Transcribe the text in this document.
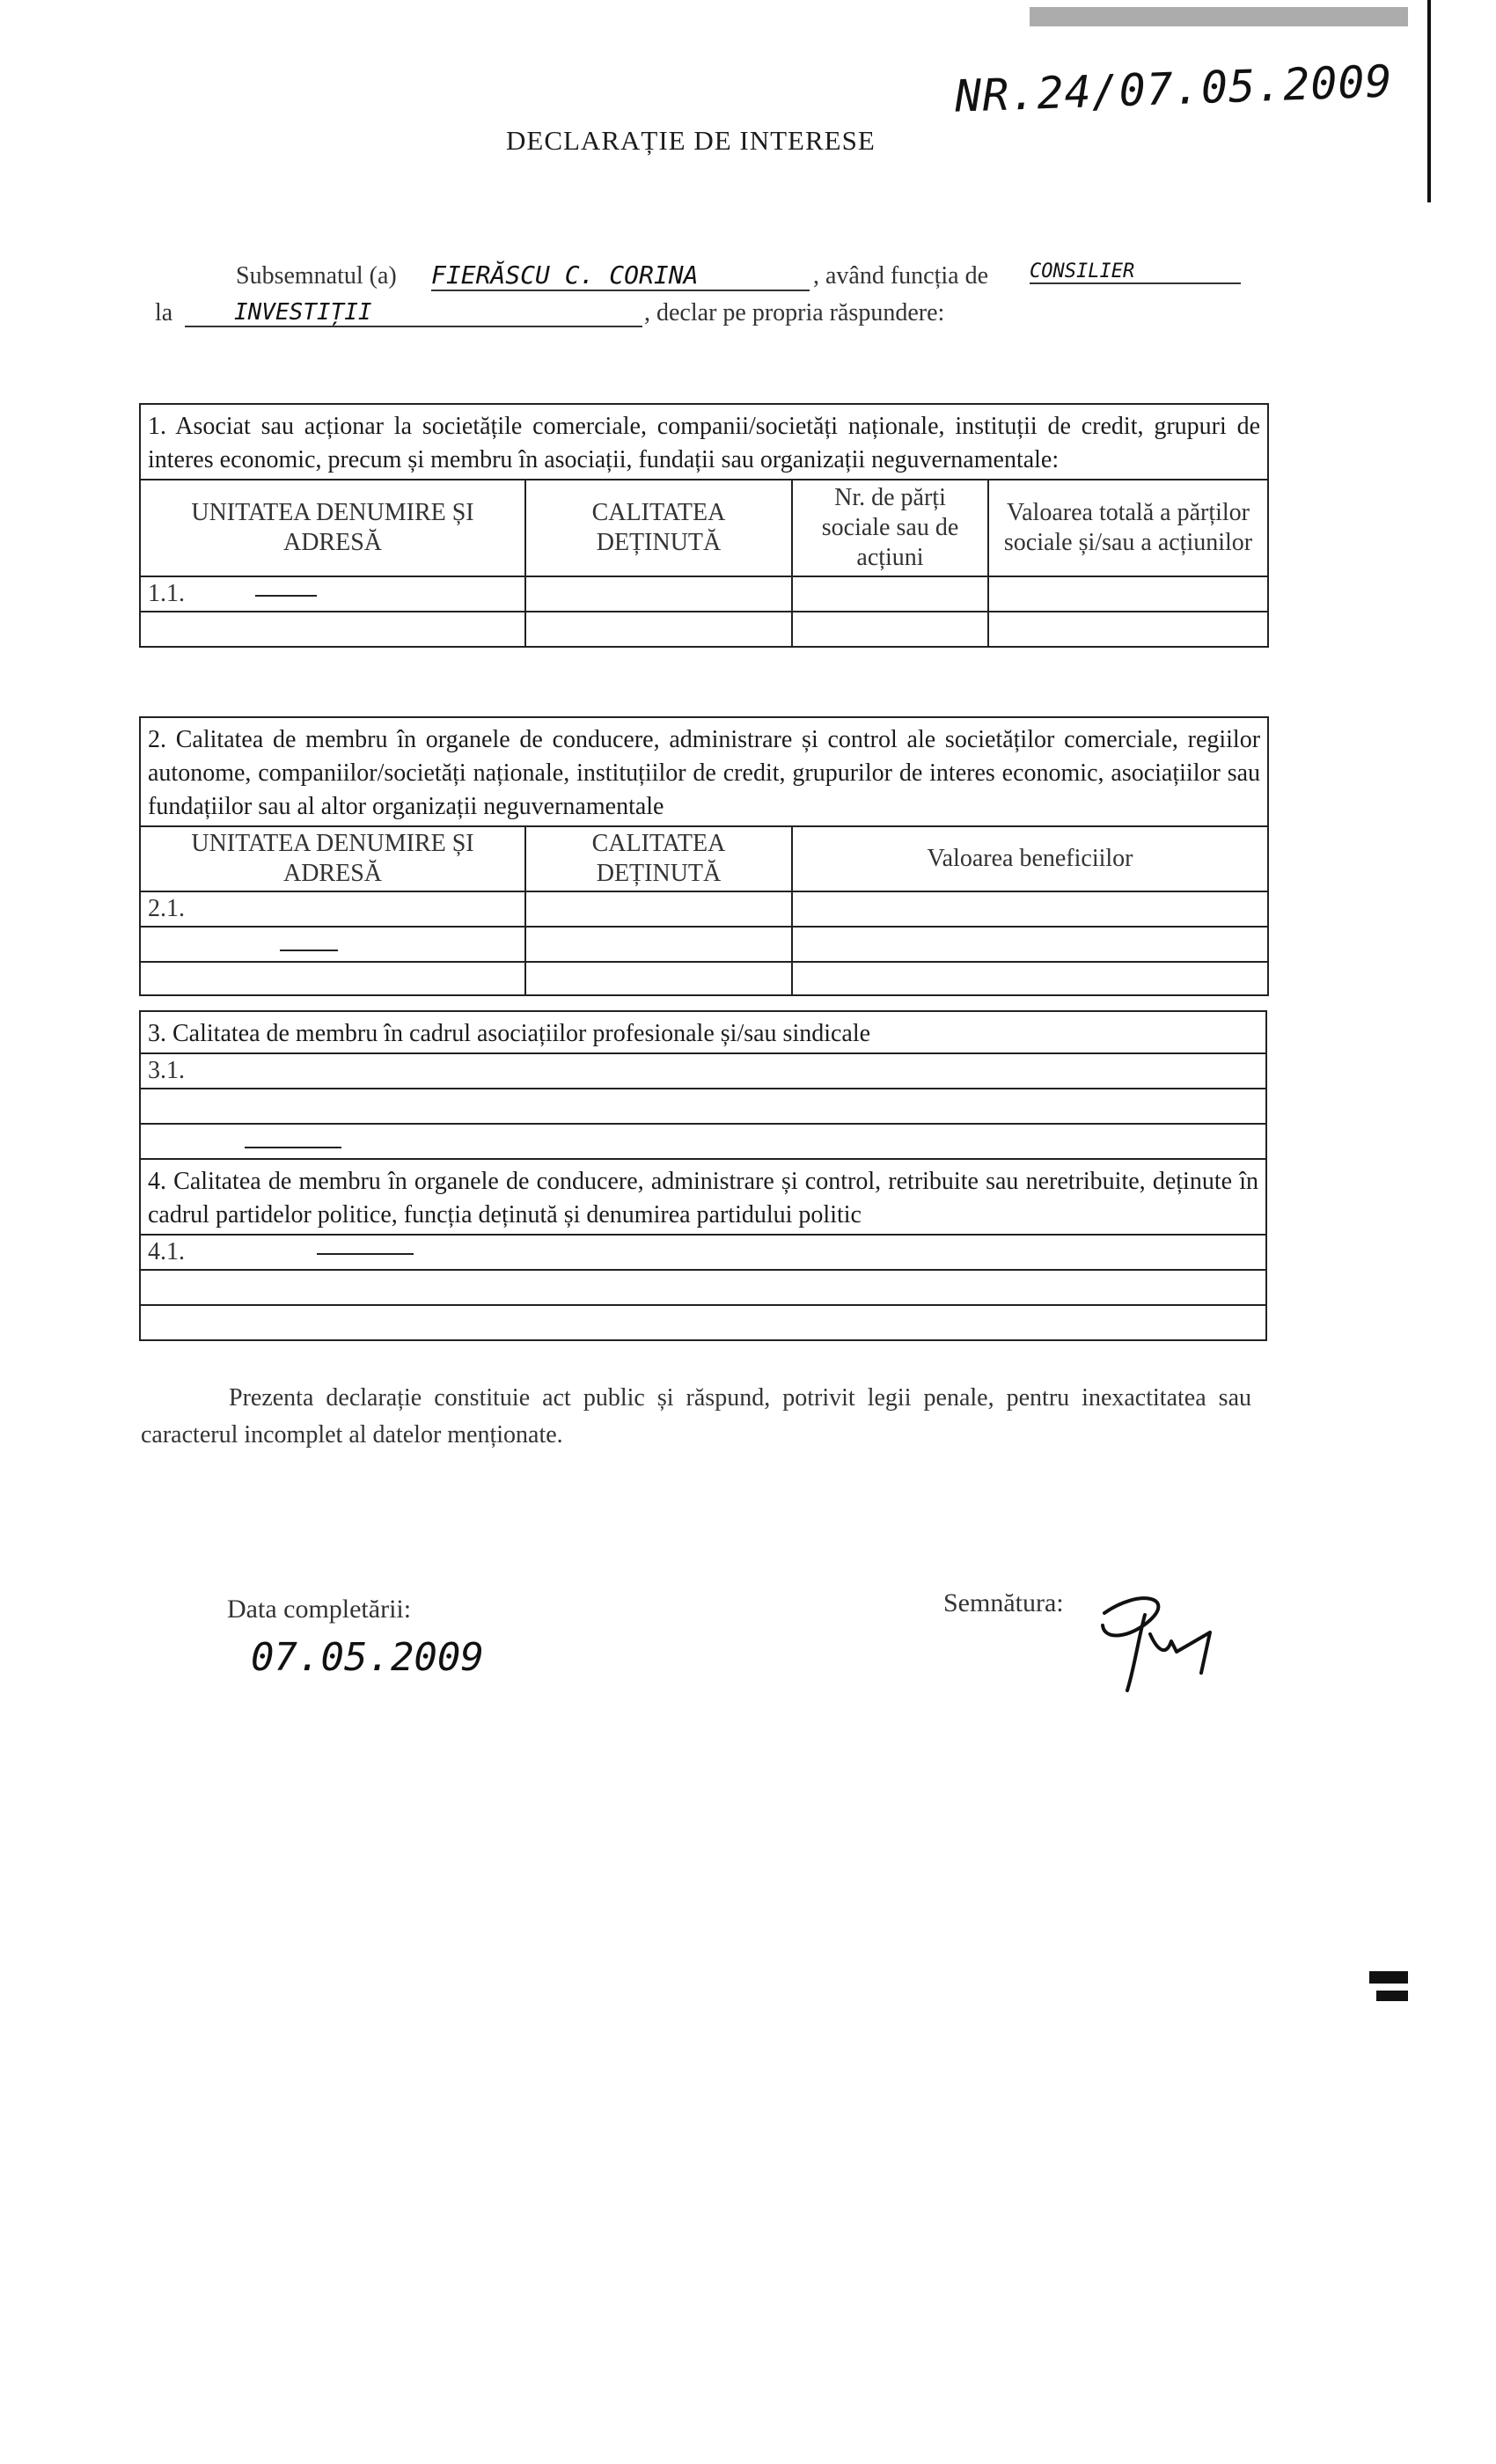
NR.24/07.05.2009
DECLARAȚIE DE INTERESE
Subsemnatul (a) FIERĂSCU C. CORINA	, având funcția de CONSILIER
la	INVESTIȚII	, declar pe propria răspundere:
1. Asociat sau acționar la societățile comerciale, companii/societăți naționale, instituții de credit, grupuri de interes economic, precum și membru în asociații, fundații sau organizații neguvernamentale:			
UNITATEA DENUMIRE ȘI ADRESĂ	CALITATEA DEȚINUTĂ	Nr. de părți sociale sau de acțiuni	Valoarea totală a părților sociale și/sau a acțiunilor
1.1.			

2. Calitatea de membru în organele de conducere, administrare și control ale societăților comerciale, regiilor autonome, companiilor/societăți naționale, instituțiilor de credit, grupurilor de interes economic, asociațiilor sau fundațiilor sau al altor organizații neguvernamentale		
UNITATEA DENUMIRE ȘI ADRESĂ	CALITATEA DEȚINUTĂ	Valoarea beneficiilor
2.1.		

3. Calitatea de membru în cadrul asociațiilor profesionale și/sau sindicale
3.1.

4. Calitatea de membru în organele de conducere, administrare și control, retribuite sau neretribuite, deținute în cadrul partidelor politice, funcția deținută și denumirea partidului politic
4.1.

Prezenta declarație constituie act public și răspund, potrivit legii penale, pentru inexactitatea sau caracterul incomplet al datelor menționate.
Data completării:
07.05.2009
Semnătura:
